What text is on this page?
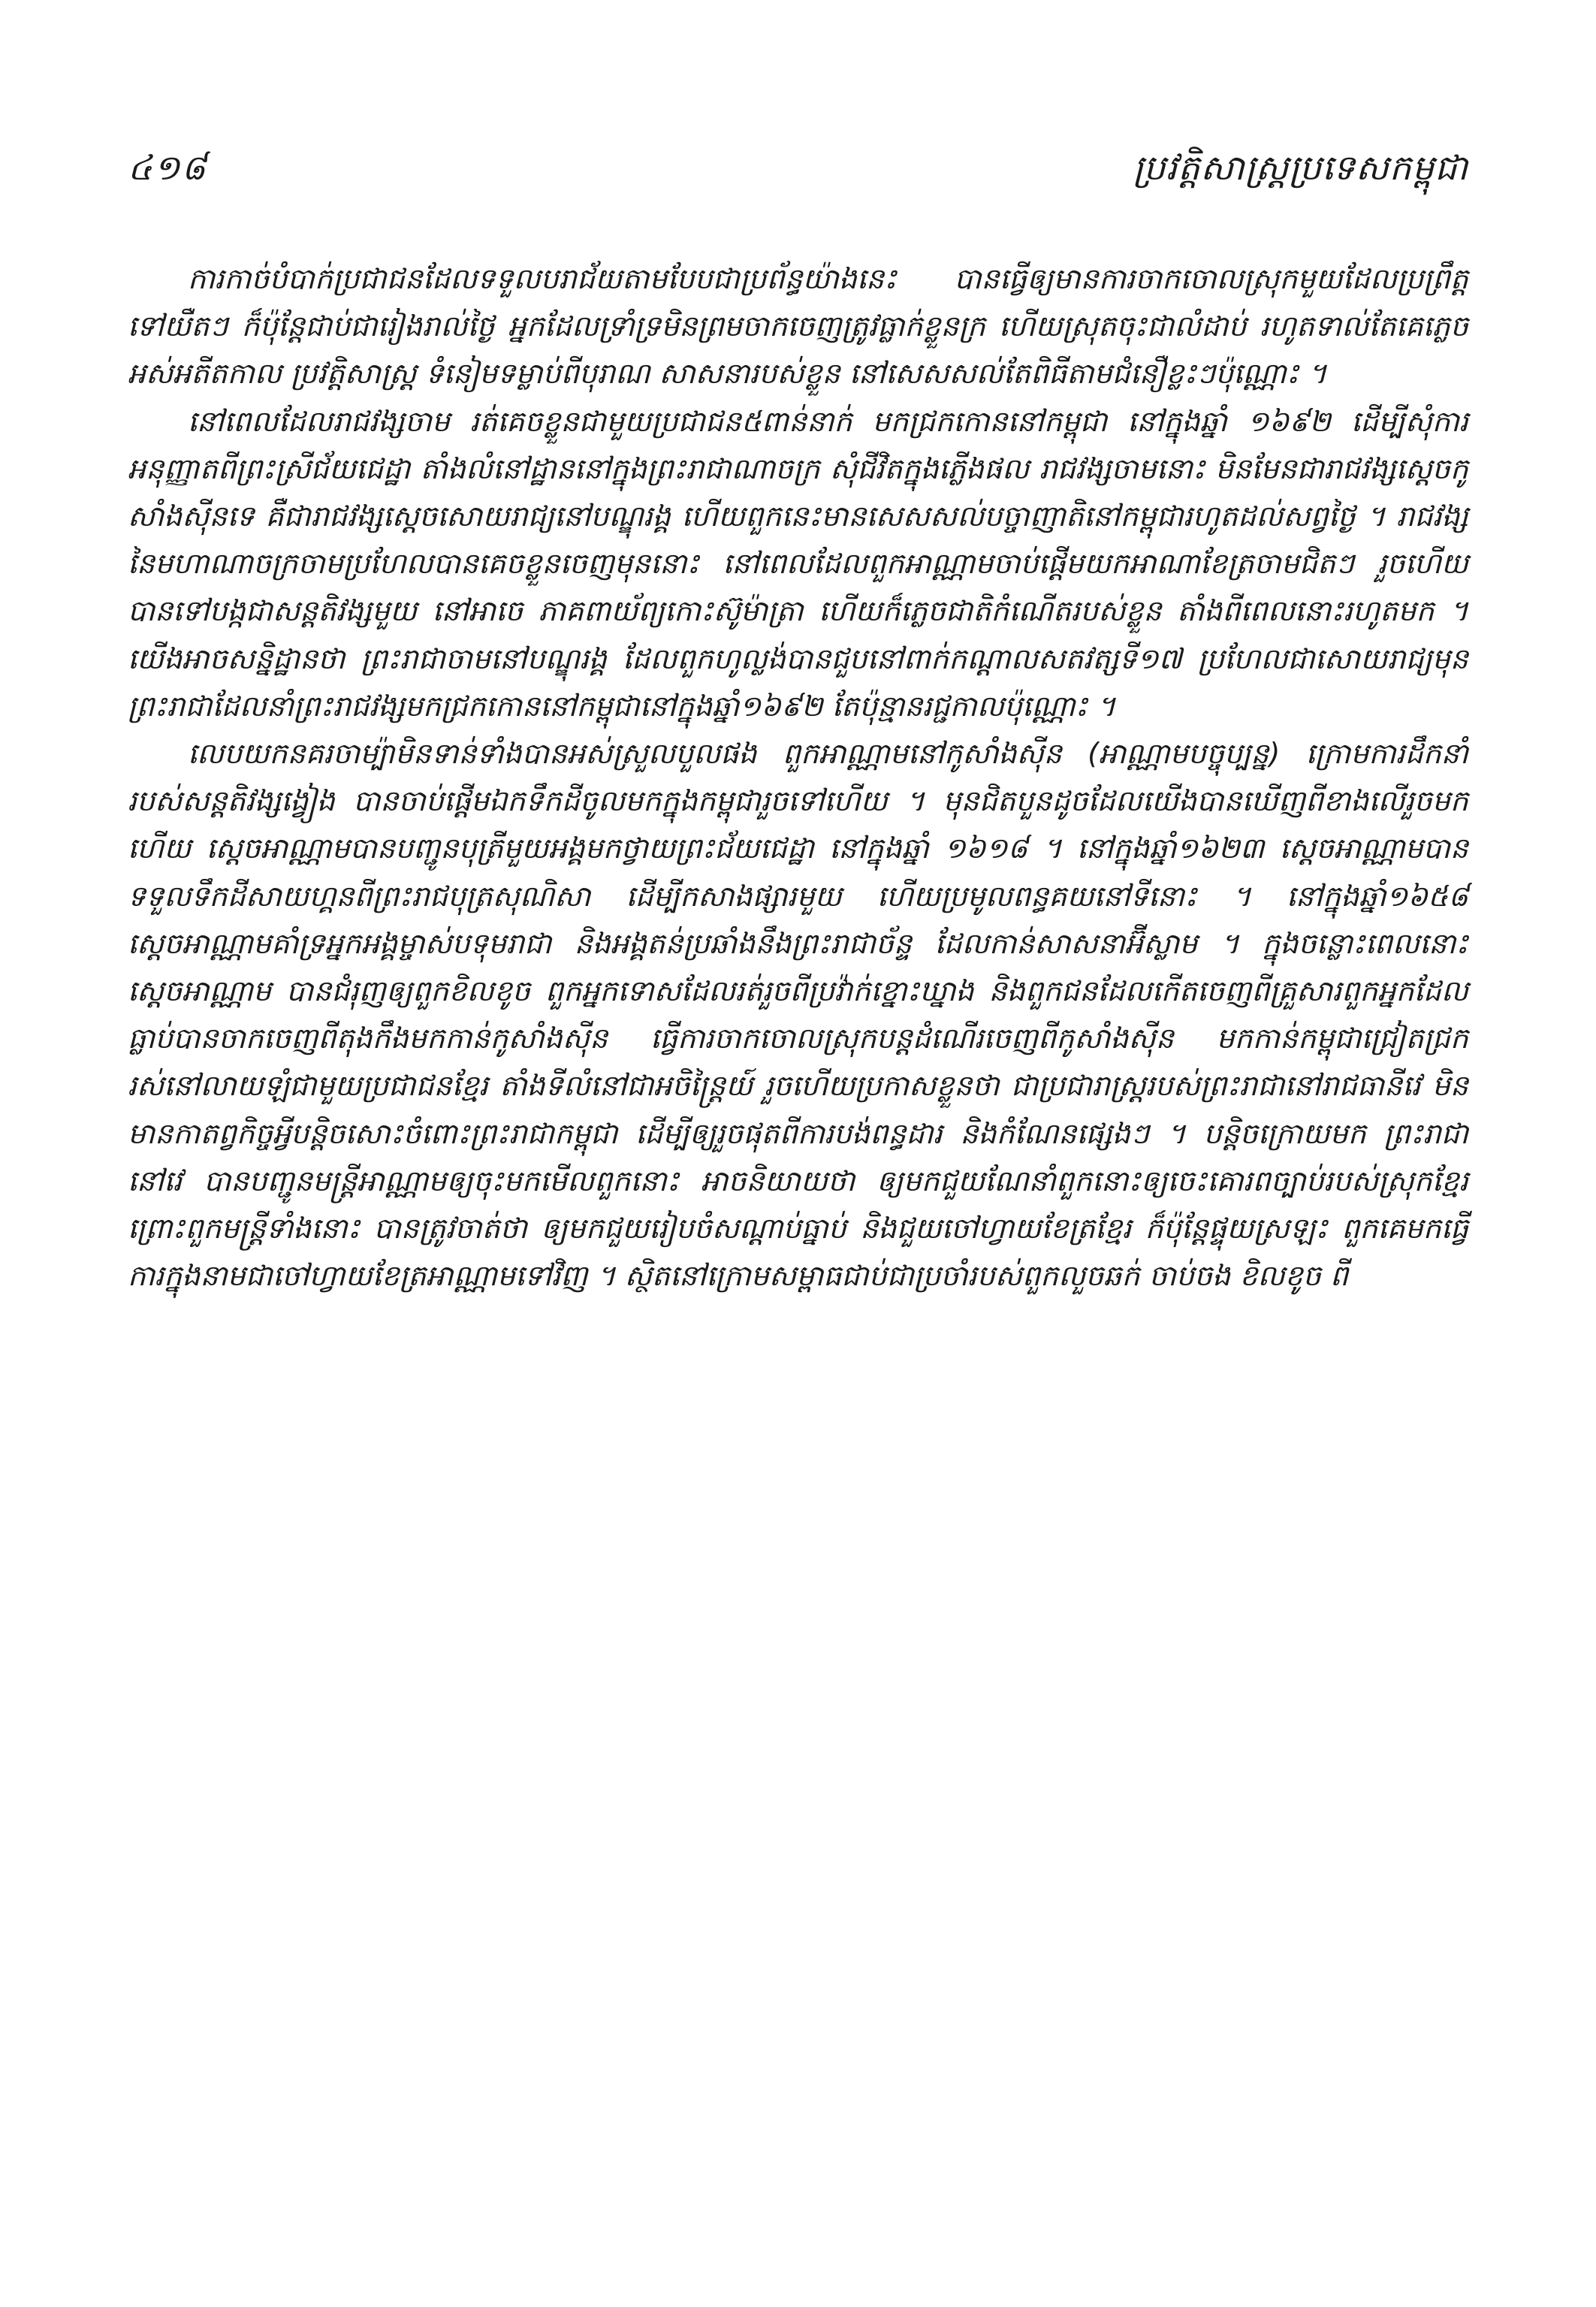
៤១៨	ប្រវត្តិសាស្ត្រប្រទេសកម្ពុជា

ការកាច់បំបាក់ប្រជាជនដែលទទួលបរាជ័យតាមបែបជាប្រព័ន្ធយ៉ាងនេះ បានធ្វើឲ្យមានការចាកចោលស្រុកមួយដែលប្រព្រឹត្តទៅយឺតៗ ក៏ប៉ុន្តែជាប់ជារៀងរាល់ថ្ងៃ អ្នកដែលទ្រាំទ្រមិនព្រមចាកចេញត្រូវធ្លាក់ខ្លួនក្រ ហើយស្រុតចុះជាលំដាប់ រហូតទាល់តែគេភ្លេចអស់អតីតកាល ប្រវត្តិសាស្ត្រ ទំនៀមទម្លាប់ពីបុរាណ សាសនារបស់ខ្លួន នៅសេសសល់តែពិធីតាមជំនឿខ្លះៗប៉ុណ្ណោះ ។

នៅពេលដែលរាជវង្សចាម រត់គេចខ្លួនជាមួយប្រជាជន៥ពាន់នាក់ មកជ្រកកោននៅកម្ពុជា នៅក្នុងឆ្នាំ ១៦៩២ ដើម្បីសុំការអនុញ្ញាតពីព្រះស្រីជ័យជេដ្ឋា តាំងលំនៅដ្ឋាននៅក្នុងព្រះរាជាណាចក្រ សុំជីវិតក្នុងភ្លើងផល រាជវង្សចាមនោះ មិនមែនជារាជវង្សស្តេចកូសាំងស៊ីនទេ គឺជារាជវង្សស្តេចសោយរាជ្យនៅបណ្ឌុរង្គ ហើយពួកនេះមានសេសសល់បច្ចាញាតិនៅកម្ពុជារហូតដល់សព្វថ្ងៃ ។ រាជវង្សនៃមហាណាចក្រចាមប្រហែលបានគេចខ្លួនចេញមុននោះ នៅពេលដែលពួកអាណ្ណាមចាប់ផ្តើមយកអាណាខែត្រចាមជិតៗ រួចហើយបានទៅបង្កជាសន្តតិវង្សមួយ នៅអាចេ ភាគពាយ័ព្យកោះស៊ូម៉ាត្រា ហើយក៏ភ្លេចជាតិកំណើតរបស់ខ្លួន តាំងពីពេលនោះរហូតមក ។ យើងអាចសន្និដ្ឋានថា ព្រះរាជាចាមនៅបណ្ឌុរង្គ ដែលពួកហូល្លង់បានជួបនៅពាក់កណ្តាលសតវត្សទី១៧ ប្រហែលជាសោយរាជ្យមុនព្រះរាជាដែលនាំព្រះរាជវង្សមកជ្រកកោននៅកម្ពុជានៅក្នុងឆ្នាំ១៦៩២ តែប៉ុន្មានរជ្ជកាលប៉ុណ្ណោះ ។

លេបយកនគរចាម្ប៉ាមិនទាន់ទាំងបានអស់ស្រួលបួលផង ពួកអាណ្ណាមនៅកូសាំងស៊ីន (អាណ្ណាមបច្ចុប្បន្ន) ក្រោមការដឹកនាំរបស់សន្តតិវង្សង្វៀង បានចាប់ផ្តើមឯកទឹកដីចូលមកក្នុងកម្ពុជារួចទៅហើយ ។ មុនជិតបួនដូចដែលយើងបានឃើញពីខាងលើរួចមកហើយ ស្តេចអាណ្ណាមបានបញ្ជូនបុត្រីមួយអង្គមកថ្វាយព្រះជ័យជេដ្ឋា នៅក្នុងឆ្នាំ ១៦១៨ ។ នៅក្នុងឆ្នាំ១៦២៣ ស្តេចអាណ្ណាមបានទទួលទឹកដីសាយហ្គនពីព្រះរាជបុត្រសុណិសា ដើម្បីកសាងផ្សារមួយ ហើយប្រមូលពន្ធគយនៅទីនោះ ។ នៅក្នុងឆ្នាំ១៦៥៨ ស្តេចអាណ្ណាមគាំទ្រអ្នកអង្គម្ចាស់បទុមរាជា និងអង្គតន់ប្រឆាំងនឹងព្រះរាជាច័ន្ទ ដែលកាន់សាសនាអ៊ីស្លាម ។ ក្នុងចន្លោះពេលនោះ ស្តេចអាណ្ណាម បានជំរុញឲ្យពួកខិលខូច ពួកអ្នកទោសដែលរត់រួចពីប្រវ៉ាក់ខ្នោះឃ្នាង និងពួកជនដែលកើតចេញពីគ្រួសារពួកអ្នកដែលធ្លាប់បានចាកចេញពីតុងកឹងមកកាន់កូសាំងស៊ីន ធ្វើការចាកចោលស្រុកបន្តដំណើរចេញពីកូសាំងស៊ីន មកកាន់កម្ពុជាជ្រៀតជ្រករស់នៅលាយឡំជាមួយប្រជាជនខ្មែរ តាំងទីលំនៅជាអចិន្ត្រៃយ៍ រួចហើយប្រកាសខ្លួនថា ជាប្រជារាស្ត្ររបស់ព្រះរាជានៅរាជធានីវេ មិនមានកាតព្វកិច្ចអ្វីបន្តិចសោះចំពោះព្រះរាជាកម្ពុជា ដើម្បីឲ្យរួចផុតពីការបង់ពន្ធដារ និងកំណែនផ្សេងៗ ។ បន្តិចក្រោយមក ព្រះរាជានៅវេ បានបញ្ជូនមន្ត្រីអាណ្ណាមឲ្យចុះមកមើលពួកនោះ អាចនិយាយថា ឲ្យមកជួយណែនាំពួកនោះឲ្យចេះគោរពច្បាប់របស់ស្រុកខ្មែរ ព្រោះពួកមន្ត្រីទាំងនោះ បានត្រូវចាត់ថា ឲ្យមកជួយរៀបចំសណ្តាប់ធ្នាប់ និងជួយចៅហ្វាយខែត្រខ្មែរ ក៏ប៉ុន្តែផ្ទុយស្រឡះ ពួកគេមកធ្វើការក្នុងនាមជាចៅហ្វាយខែត្រអាណ្ណាមទៅវិញ ។ ស្ថិតនៅក្រោមសម្ពាធជាប់ជាប្រចាំរបស់ពួកលួចឆក់ ចាប់ចង ខិលខូច ពី
